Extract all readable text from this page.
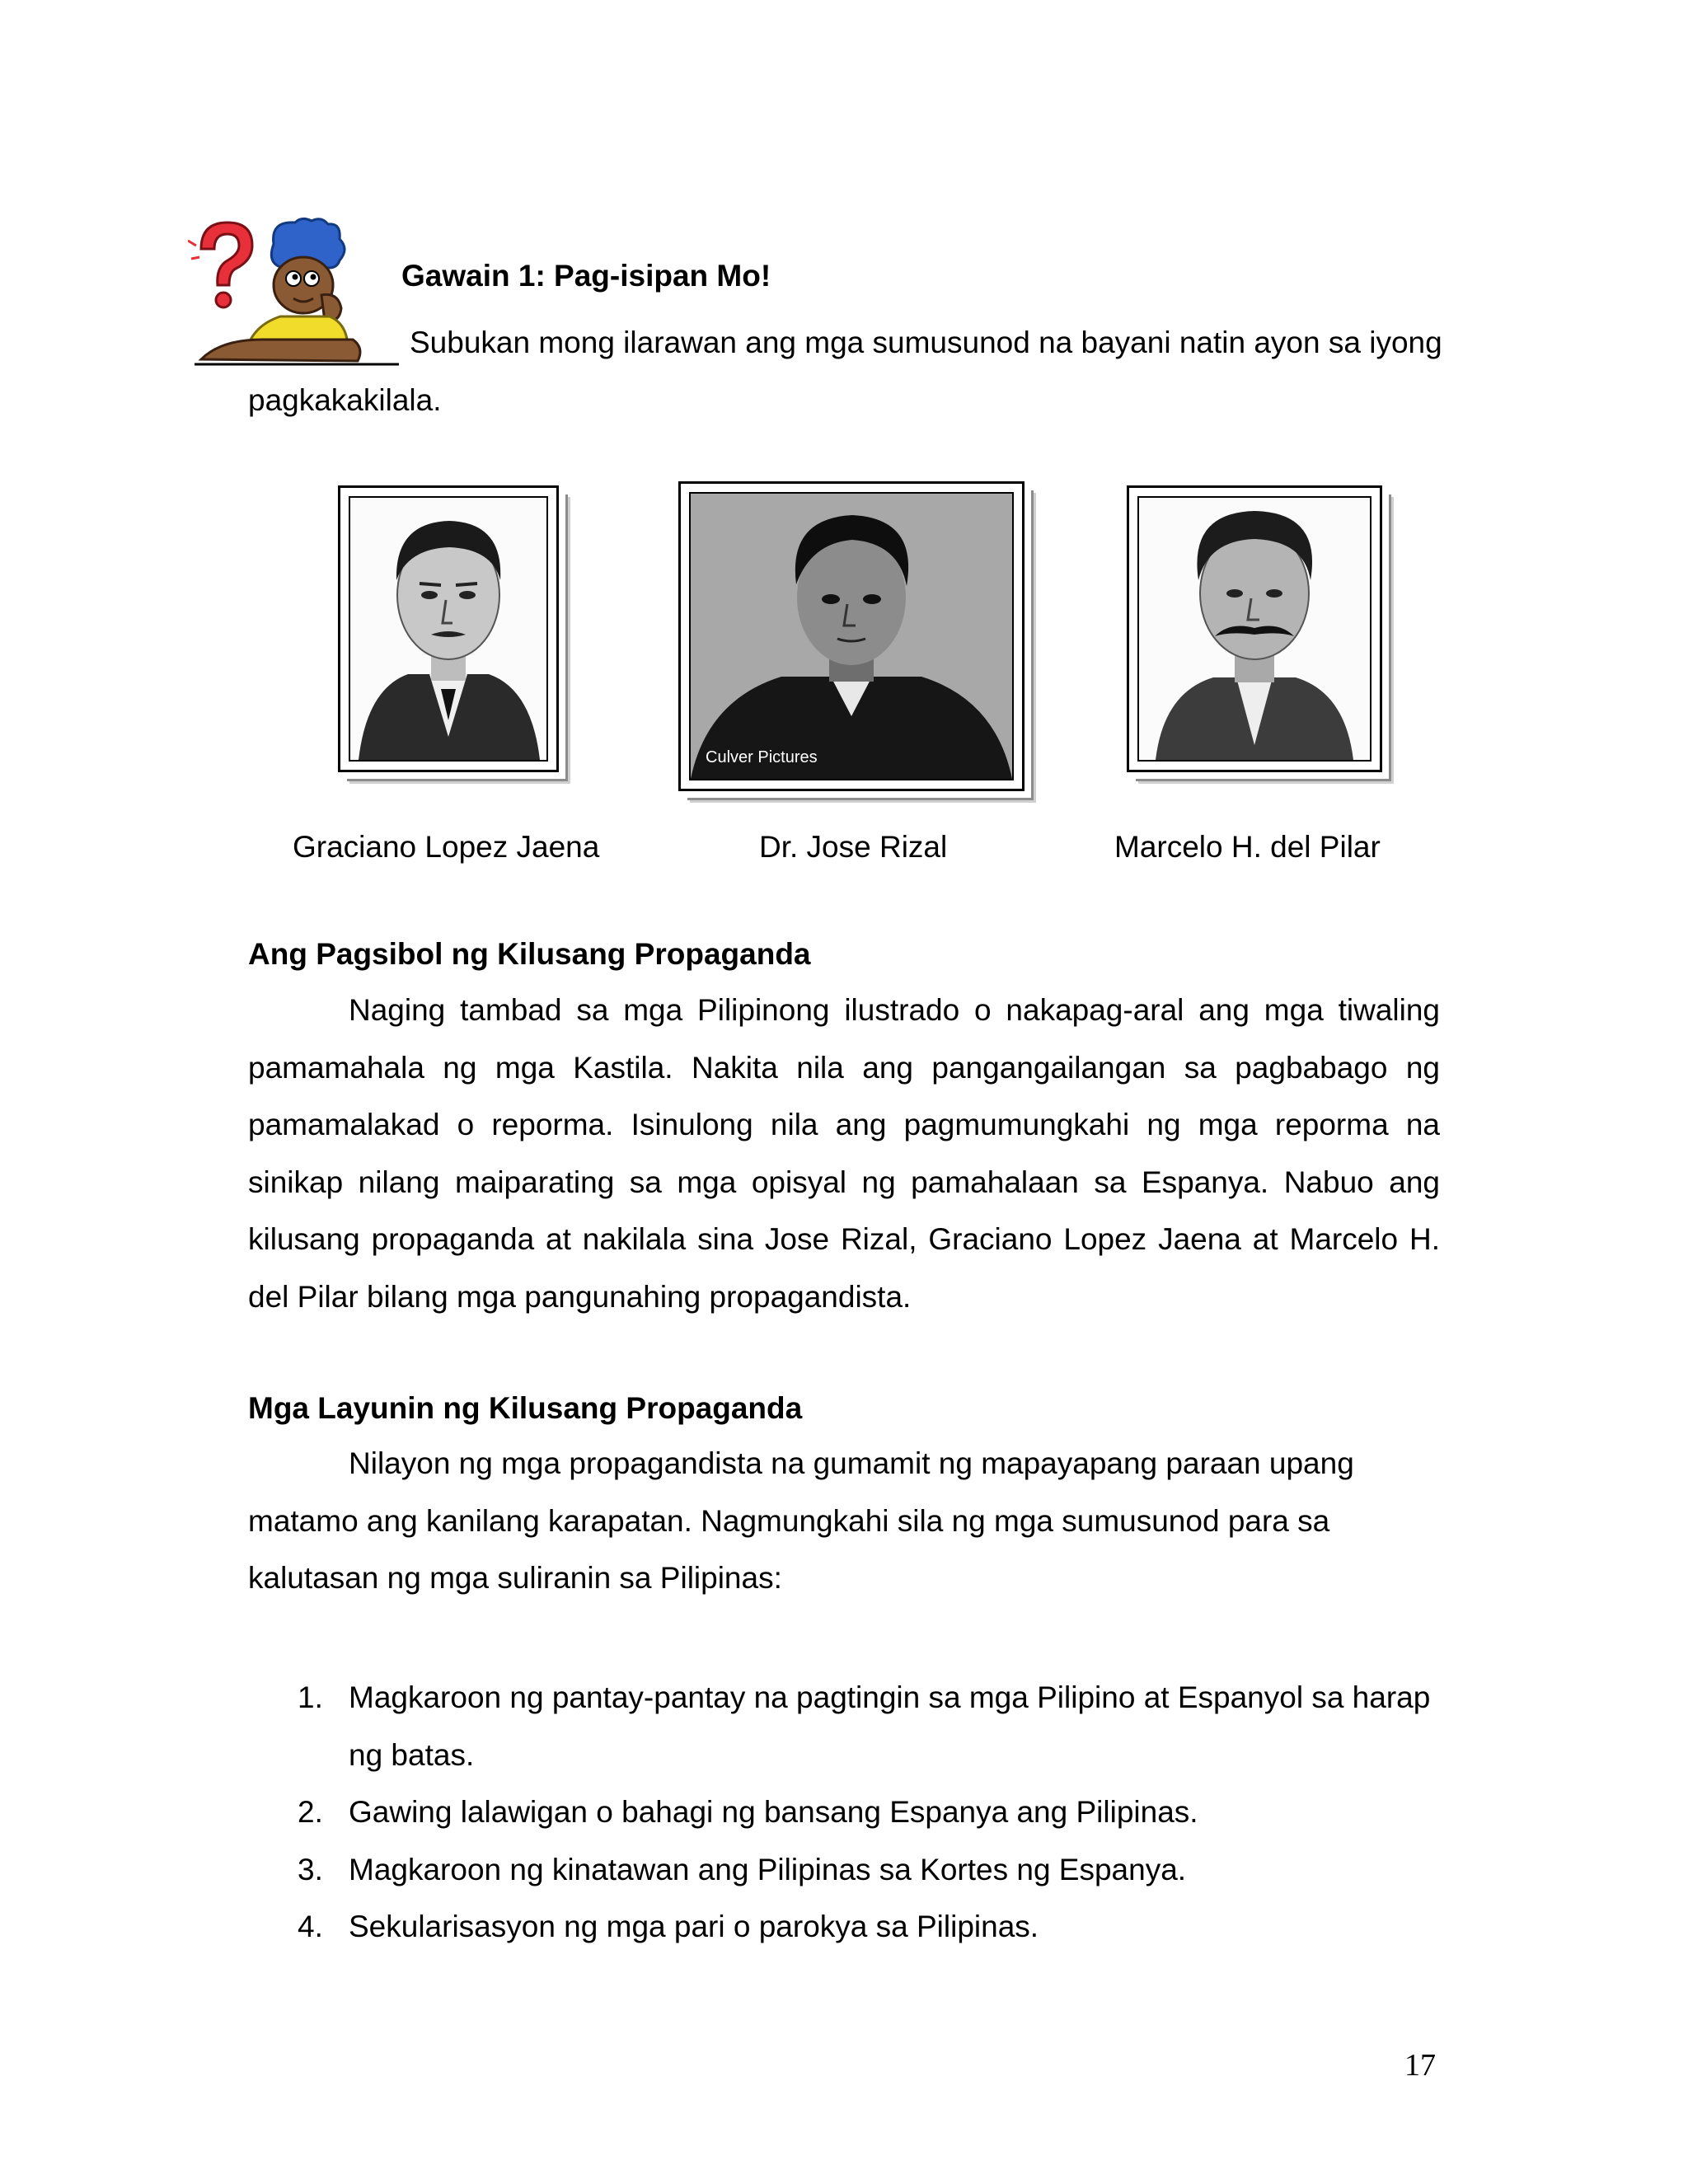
Gawain 1: Pag-isipan Mo!

Subukan mong ilarawan ang mga sumusunod na bayani natin ayon sa iyong pagkakakilala.

Culver Pictures
Graciano Lopez Jaena	Dr. Jose Rizal	Marcelo H. del Pilar
Ang Pagsibol ng Kilusang Propaganda

Naging tambad sa mga Pilipinong ilustrado o nakapag-aral ang mga tiwaling pamamahala ng mga Kastila. Nakita nila ang pangangailangan sa pagbabago ng pamamalakad o reporma. Isinulong nila ang pagmumungkahi ng mga reporma na sinikap nilang maiparating sa mga opisyal ng pamahalaan sa Espanya. Nabuo ang kilusang propaganda at nakilala sina Jose Rizal, Graciano Lopez Jaena at Marcelo H. del Pilar bilang mga pangunahing propagandista.

Mga Layunin ng Kilusang Propaganda

Nilayon ng mga propagandista na gumamit ng mapayapang paraan upang matamo ang kanilang karapatan. Nagmungkahi sila ng mga sumusunod para sa kalutasan ng mga suliranin sa Pilipinas:

1. Magkaroon ng pantay-pantay na pagtingin sa mga Pilipino at Espanyol sa harap ng batas.
2. Gawing lalawigan o bahagi ng bansang Espanya ang Pilipinas.
3. Magkaroon ng kinatawan ang Pilipinas sa Kortes ng Espanya.
4. Sekularisasyon ng mga pari o parokya sa Pilipinas.
17
